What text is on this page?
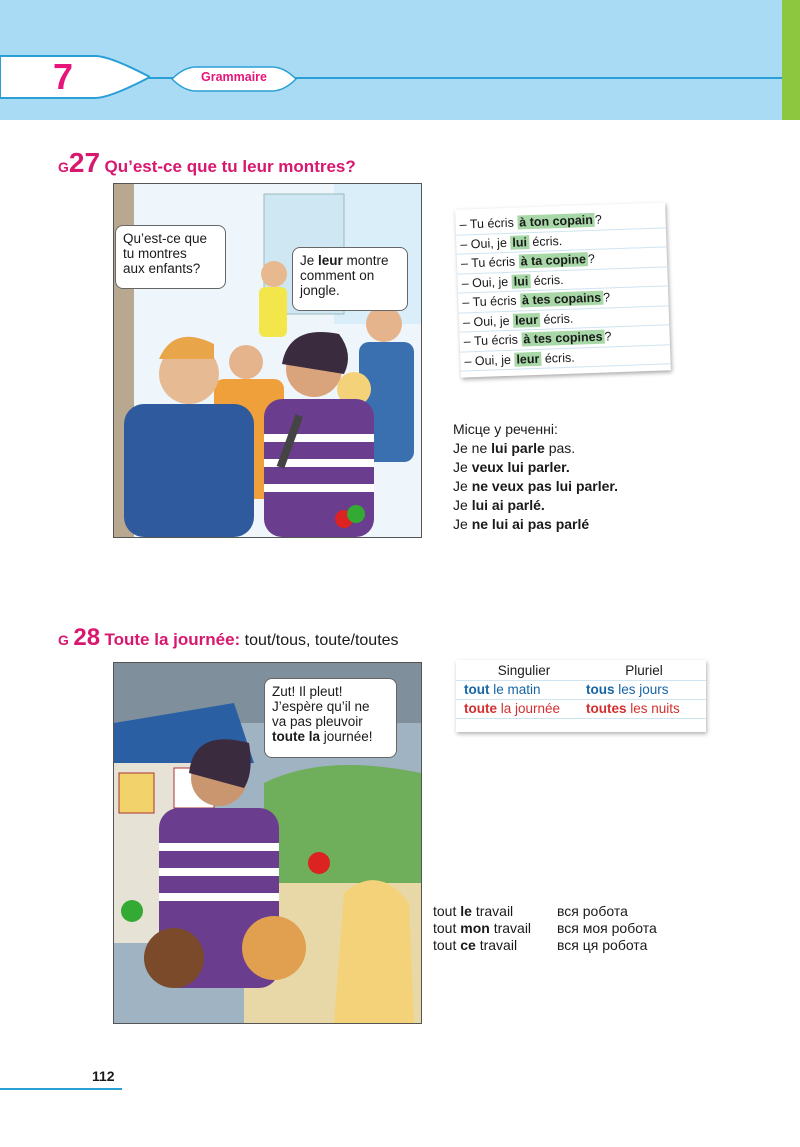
7	Grammaire
G27 Qu’est-ce que tu leur montres?
Qu’est-ce que
tu montres
aux enfants?
Je leur montre
comment on
jongle.
– Tu écris à ton copain ?
– Oui, je lui écris.
– Tu écris à ta copine ?
– Oui, je lui écris.
– Tu écris à tes copains ?
– Oui, je leur écris.
– Tu écris à tes copines ?
– Oui, je leur écris.
Місце у реченні:
Je ne lui parle pas.
Je veux lui parler.
Je ne veux pas lui parler.
Je lui ai parlé.
Je ne lui ai pas parlé
G 28 Toute la journée: tout/tous, toute/toutes
Zut! Il pleut!
J’espère qu’il ne
va pas pleuvoir
toute la journée!
Singulier	Pluriel
tout le matin	tous les jours
toute la journée	toutes les nuits
tout le travail	вся робота
tout mon travail вся моя робота
tout ce travail	вся ця робота
112
